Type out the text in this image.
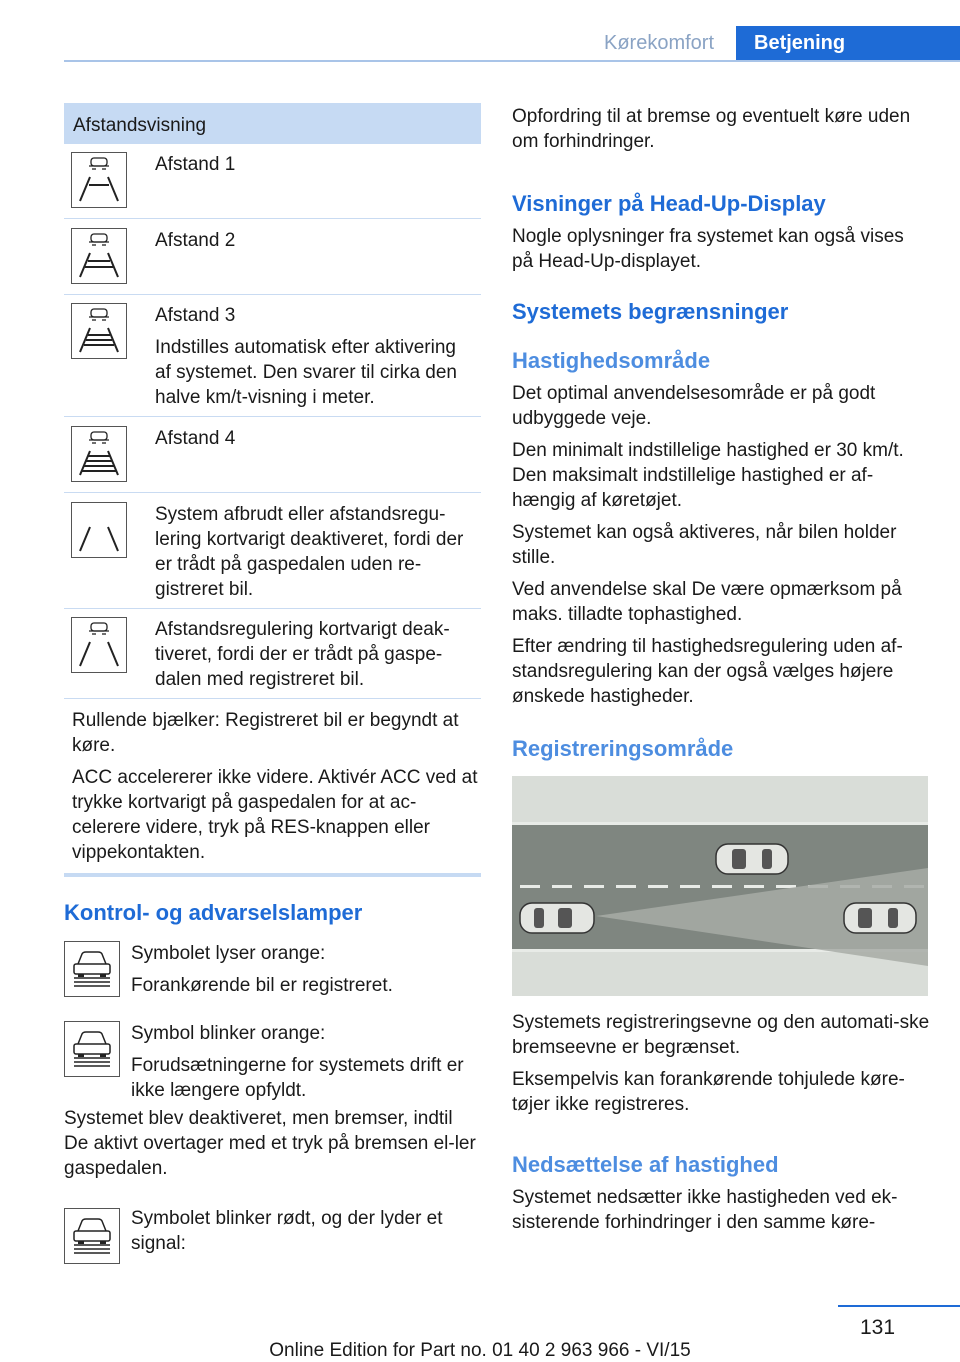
Kørekomfort	Betjening
Afstandsvisning

Afstand 1

Afstand 2

Afstand 3

Indstilles automatisk efter aktivering af systemet. Den svarer til cirka den halve km/t-visning i meter.

Afstand 4

System afbrudt eller afstandsregu‐lering kortvarigt deaktiveret, fordi der er trådt på gaspedalen uden re‐gistreret bil.

Afstandsregulering kortvarigt deak‐tiveret, fordi der er trådt på gaspe‐dalen med registreret bil.

Rullende bjælker: Registreret bil er begyndt at køre.

ACC accelererer ikke videre. Aktivér ACC ved at trykke kortvarigt på gaspedalen for at ac‐celerere videre, tryk på RES-knappen eller vippekontakten.

Kontrol- og advarselslamper

Symbolet lyser orange:

Forankørende bil er registreret.

Symbol blinker orange:

Forudsætningerne for systemets drift er ikke længere opfyldt.

Systemet blev deaktiveret, men bremser, indtil De aktivt overtager med et tryk på bremsen el‐ler gaspedalen.

Symbolet blinker rødt, og der lyder et signal:

Opfordring til at bremse og eventuelt køre uden om forhindringer.
Visninger på Head-Up-Display
Nogle oplysninger fra systemet kan også vises på Head-Up-displayet.
Systemets begrænsninger
Hastighedsområde

Det optimal anvendelsesområde er på godt udbyggede veje.

Den minimalt indstillelige hastighed er 30 km/t. Den maksimalt indstillelige hastighed er af‐hængig af køretøjet.

Systemet kan også aktiveres, når bilen holder stille.

Ved anvendelse skal De være opmærksom på maks. tilladte tophastighed.

Efter ændring til hastighedsregulering uden af‐standsregulering kan der også vælges højere ønskede hastigheder.

Registreringsområde

Systemets registreringsevne og den automati‐ske bremseevne er begrænset.

Eksempelvis kan forankørende tohjulede køre‐tøjer ikke registreres.

Nedsættelse af hastighed
Systemet nedsætter ikke hastigheden ved ek‐sisterende forhindringer i den samme køre‐
131
Online Edition for Part no. 01 40 2 963 966 - VI/15
